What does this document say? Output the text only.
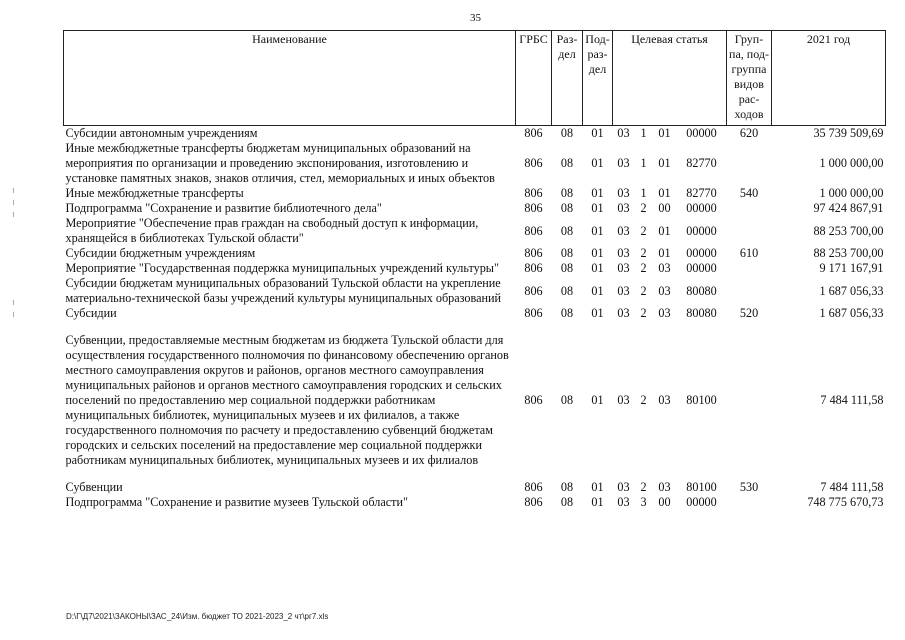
35
Наименование	ГРБС	Раз-дел	Под-раз-дел	Целевая статья				Груп-па, под-группа видов рас-ходов	2021 год
Субсидии автономным учреждениям	806	08	01	03	1	01	00000	620	35 739 509,69
Иные межбюджетные трансферты бюджетам муниципальных образований на мероприятия по организации и проведению экспонирования, изготовлению и установке памятных знаков, знаков отличия, стел, мемориальных и иных объектов	806	08	01	03	1	01	82770		1 000 000,00
Иные межбюджетные трансферты	806	08	01	03	1	01	82770	540	1 000 000,00
Подпрограмма "Сохранение и развитие библиотечного дела"	806	08	01	03	2	00	00000		97 424 867,91
Мероприятие "Обеспечение прав граждан на свободный доступ к информации, хранящейся в библиотеках Тульской области"	806	08	01	03	2	01	00000		88 253 700,00
Субсидии бюджетным учреждениям	806	08	01	03	2	01	00000	610	88 253 700,00
Мероприятие "Государственная поддержка муниципальных учреждений культуры"	806	08	01	03	2	03	00000		9 171 167,91
Субсидии бюджетам муниципальных образований Тульской области на укрепление материально-технической базы учреждений культуры муниципальных образований	806	08	01	03	2	03	80080		1 687 056,33
Субсидии	806	08	01	03	2	03	80080	520	1 687 056,33

Субвенции, предоставляемые местным бюджетам из бюджета Тульской области для осуществления государственного полномочия по финансовому обеспечению органов местного самоуправления округов и районов, органов местного самоуправления муниципальных районов и органов местного самоуправления городских и сельских поселений по предоставлению мер социальной поддержки работникам муниципальных библиотек, муниципальных музеев и их филиалов, а также государственного полномочия по расчету и предоставлению субвенций бюджетам городских и сельских поселений на предоставление мер социальной поддержки работникам муниципальных библиотек, муниципальных музеев и их филиалов	806	08	01	03	2	03	80100		7 484 111,58

Субвенции	806	08	01	03	2	03	80100	530	7 484 111,58
Подпрограмма "Сохранение и развитие музеев Тульской области"	806	08	01	03	3	00	00000		748 775 670,73
D:\Г\Д7\2021\ЗАКОНЫ\ЗАС_24\Изм. бюджет ТО 2021-2023_2 чт\рг7.xls
